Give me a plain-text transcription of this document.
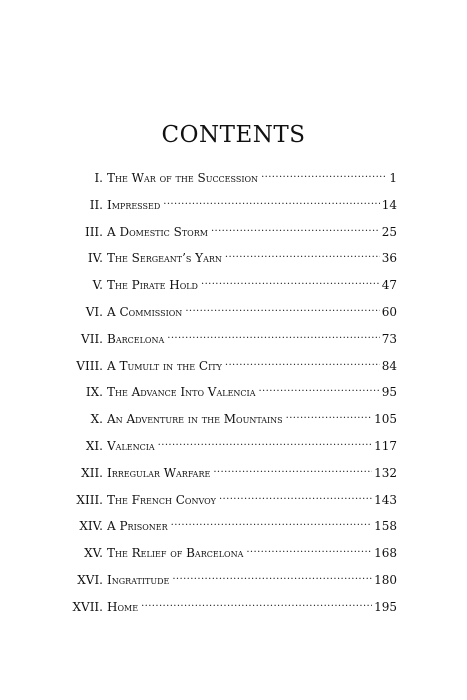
CONTENTS
I. The War of the Succession .....	1
II. Impressed .....	14
III. A Domestic Storm .....	25
IV. The Sergeant’s Yarn .....	36
V. The Pirate Hold .....	47
VI. A Commission .....	60
VII. Barcelona .....	73
VIII. A Tumult in the City .....	84
IX. The Advance Into Valencia .....	95
X. An Adventure in the Mountains .....	105
XI. Valencia .....	117
XII. Irregular Warfare .....	132
XIII. The French Convoy .....	143
XIV. A Prisoner .....	158
XV. The Relief of Barcelona .....	168
XVI. Ingratitude .....	180
XVII. Home .....	195
